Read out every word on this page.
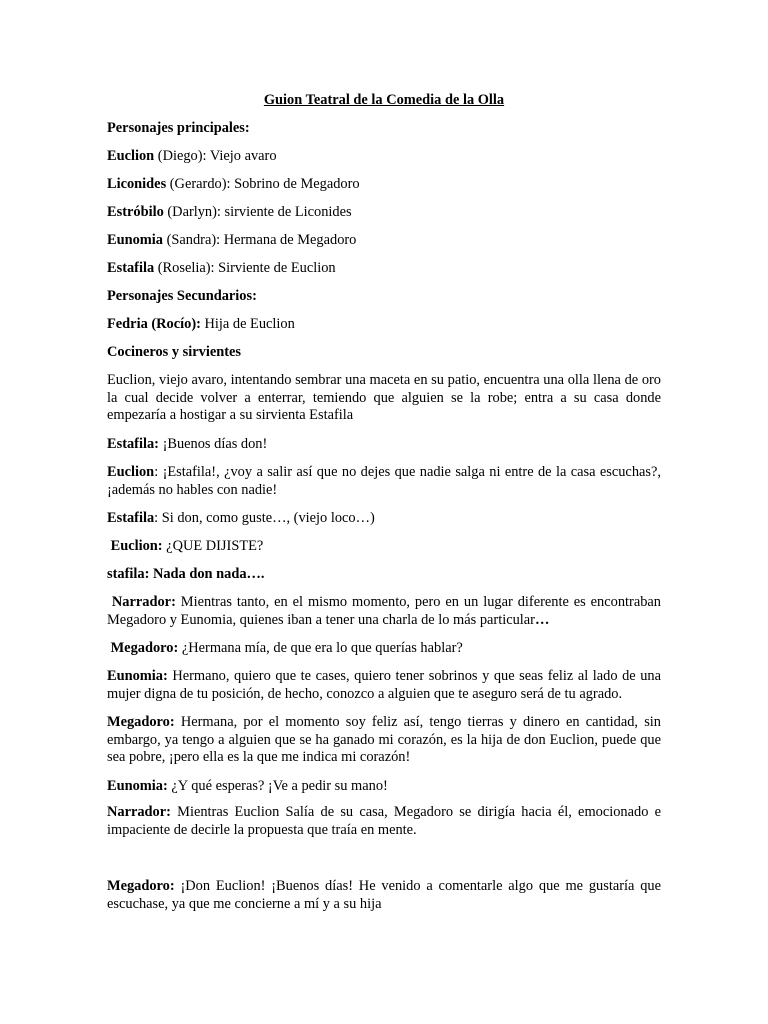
Guion Teatral de la Comedia de la Olla

Personajes principales:

Euclion (Diego): Viejo avaro

Liconides (Gerardo): Sobrino de Megadoro

Estróbilo (Darlyn): sirviente de Liconides

Eunomia (Sandra): Hermana de Megadoro

Estafila (Roselia): Sirviente de Euclion

Personajes Secundarios:

Fedria (Rocío): Hija de Euclion

Cocineros y sirvientes

Euclion, viejo avaro, intentando sembrar una maceta en su patio, encuentra una olla llena de oro la cual decide volver a enterrar, temiendo que alguien se la robe; entra a su casa donde empezaría a hostigar a su sirvienta Estafila

Estafila: ¡Buenos días don!

Euclion: ¡Estafila!, ¿voy a salir así que no dejes que nadie salga ni entre de la casa escuchas?, ¡además no hables con nadie!

Estafila: Si don, como guste…, (viejo loco…)

Euclion: ¿QUE DIJISTE?

stafila: Nada don nada….

Narrador: Mientras tanto, en el mismo momento, pero en un lugar diferente es encontraban Megadoro y Eunomia, quienes iban a tener una charla de lo más particular…

Megadoro: ¿Hermana mía, de que era lo que querías hablar?

Eunomia: Hermano, quiero que te cases, quiero tener sobrinos y que seas feliz al lado de una mujer digna de tu posición, de hecho, conozco a alguien que te aseguro será de tu agrado.

Megadoro: Hermana, por el momento soy feliz así, tengo tierras y dinero en cantidad, sin embargo, ya tengo a alguien que se ha ganado mi corazón, es la hija de don Euclion, puede que sea pobre, ¡pero ella es la que me indica mi corazón!

Eunomia: ¿Y qué esperas? ¡Ve a pedir su mano!

Narrador: Mientras Euclion Salía de su casa, Megadoro se dirigía hacia él, emocionado e impaciente de decirle la propuesta que traía en mente.

Megadoro: ¡Don Euclion! ¡Buenos días! He venido a comentarle algo que me gustaría que escuchase, ya que me concierne a mí y a su hija
